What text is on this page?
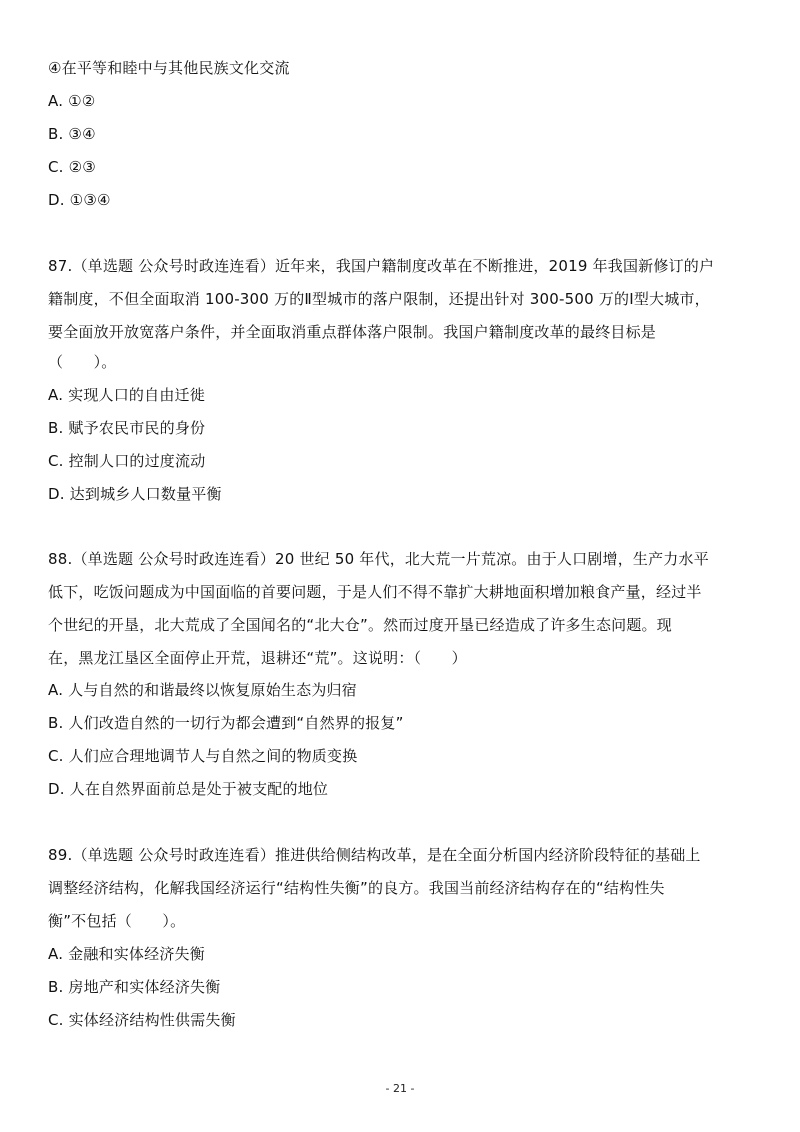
④在平等和睦中与其他民族文化交流
A. ①②
B. ③④
C. ②③
D. ①③④
87.（单选题 公众号时政连连看）近年来，我国户籍制度改革在不断推进，2019 年我国新修订的户
籍制度，不但全面取消 100-300 万的Ⅱ型城市的落户限制，还提出针对 300-500 万的Ⅰ型大城市，
要全面放开放宽落户条件，并全面取消重点群体落户限制。我国户籍制度改革的最终目标是
（　　）。
A. 实现人口的自由迁徙
B. 赋予农民市民的身份
C. 控制人口的过度流动
D. 达到城乡人口数量平衡
88.（单选题 公众号时政连连看）20 世纪 50 年代，北大荒一片荒凉。由于人口剧增，生产力水平
低下，吃饭问题成为中国面临的首要问题，于是人们不得不靠扩大耕地面积增加粮食产量，经过半
个世纪的开垦，北大荒成了全国闻名的“北大仓”。然而过度开垦已经造成了许多生态问题。现
在，黑龙江垦区全面停止开荒，退耕还“荒”。这说明：（　　）
A. 人与自然的和谐最终以恢复原始生态为归宿
B. 人们改造自然的一切行为都会遭到“自然界的报复”
C. 人们应合理地调节人与自然之间的物质变换
D. 人在自然界面前总是处于被支配的地位
89.（单选题 公众号时政连连看）推进供给侧结构改革，是在全面分析国内经济阶段特征的基础上
调整经济结构，化解我国经济运行“结构性失衡”的良方。我国当前经济结构存在的“结构性失
衡”不包括（　　）。
A. 金融和实体经济失衡
B. 房地产和实体经济失衡
C. 实体经济结构性供需失衡
- 21 -
